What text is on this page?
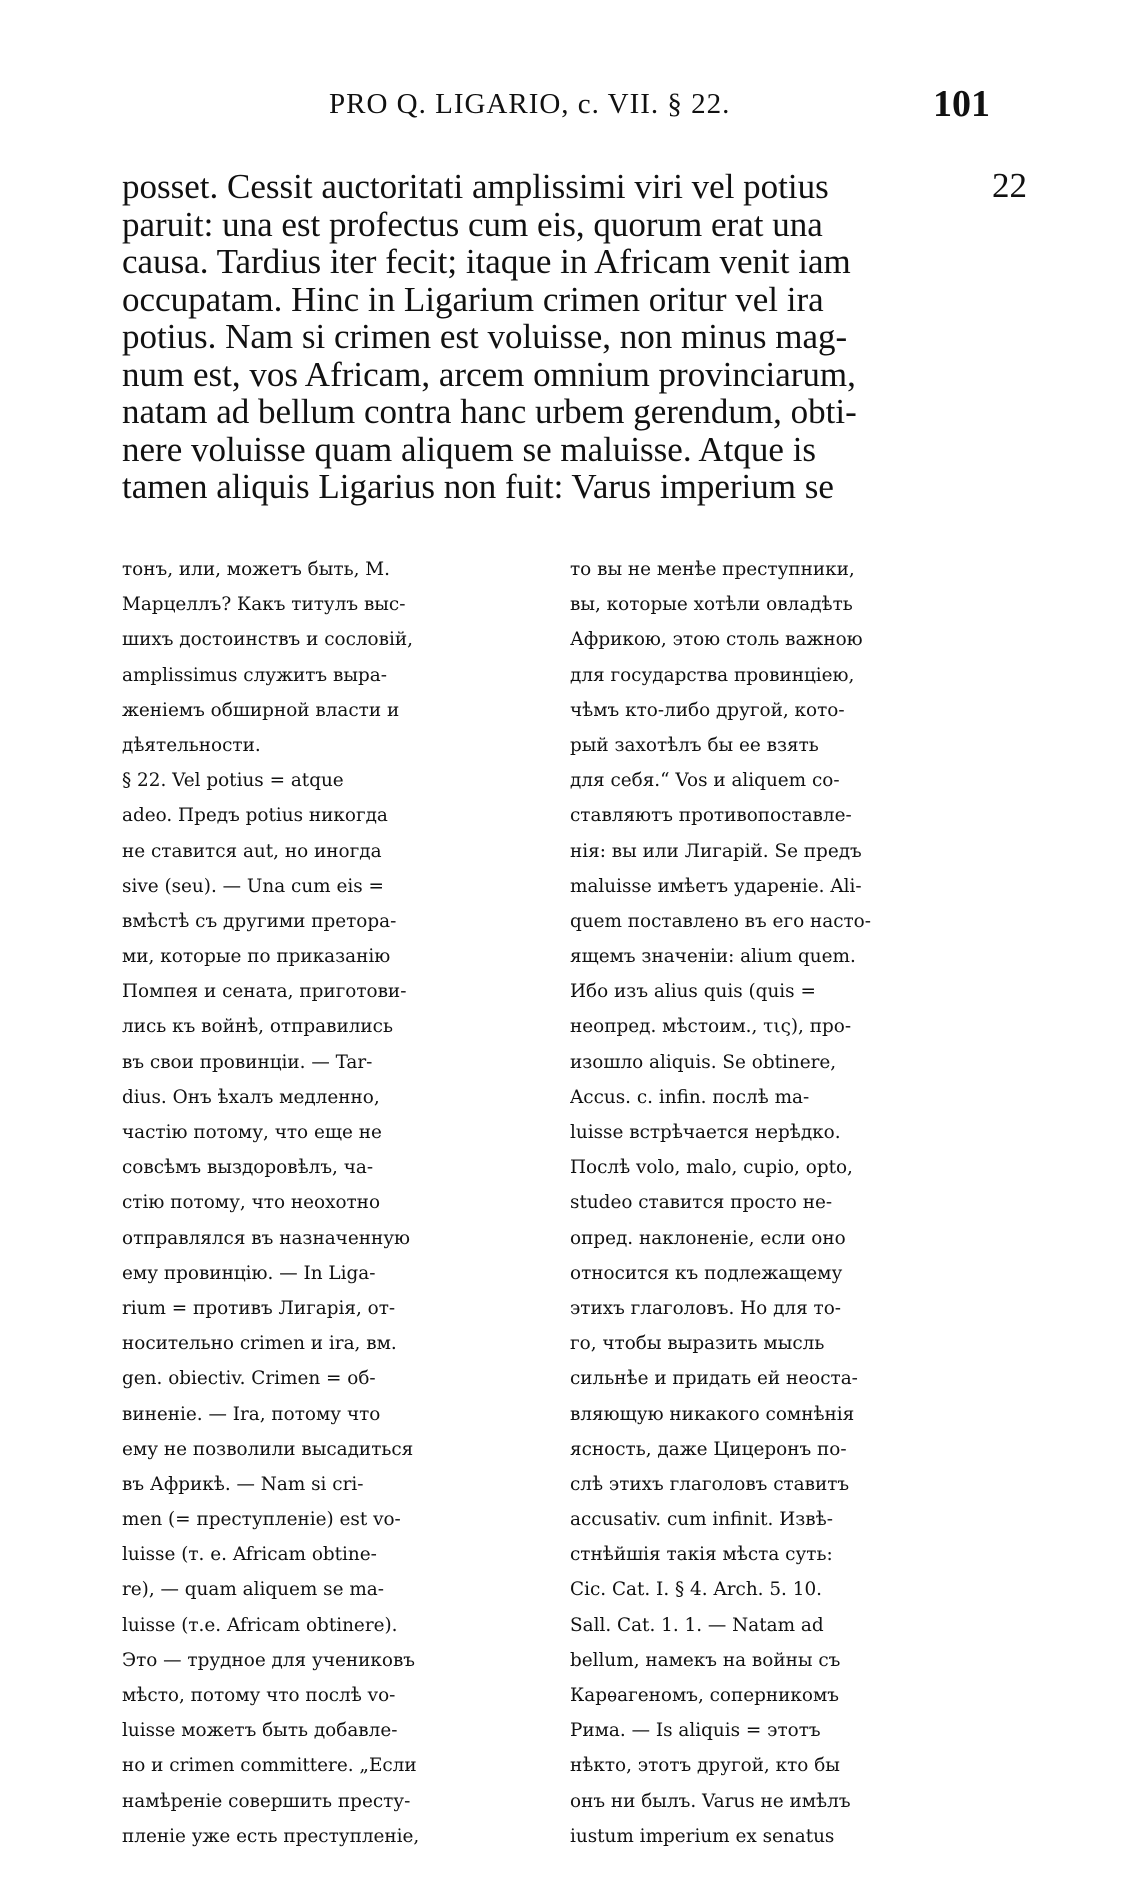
PRO Q. LIGARIO, c. VII. § 22.	101
posset. Cessit auctoritati amplissimi viri vel potius
paruit: una est profectus cum eis, quorum erat una
causa. Tardius iter fecit; itaque in Africam venit iam
occupatam. Hinc in Ligarium crimen oritur vel ira
potius. Nam si crimen est voluisse, non minus mag-
num est, vos Africam, arcem omnium provinciarum,
natam ad bellum contra hanc urbem gerendum, obti-
nere voluisse quam aliquem se maluisse. Atque is
tamen aliquis Ligarius non fuit: Varus imperium se
22
тонъ, или, можетъ быть, М.
Марцеллъ? Какъ титулъ выс-
шихъ достоинствъ и сословій,
amplissimus служитъ выра-
женіемъ обширной власти и
дѣятельности.
§ 22. Vel potius = atque
adeo. Предъ potius никогда
не ставится aut, но иногда
sive (seu). — Una cum eis =
вмѣстѣ съ другими претора-
ми, которые по приказанію
Помпея и сената, приготови-
лись къ войнѣ, отправились
въ свои провинціи. — Tar-
dius. Онъ ѣхалъ медленно,
частію потому, что еще не
совсѣмъ выздоровѣлъ, ча-
стію потому, что неохотно
отправлялся въ назначенную
ему провинцію. — In Liga-
rium = противъ Лигарія, от-
носительно crimen и ira, вм.
gen. obiectiv. Crimen = об-
виненіе. — Ira, потому что
ему не позволили высадиться
въ Африкѣ. — Nam si cri-
men (= преступленіе) est vo-
luisse (т. е. Africam obtine-
re), — quam aliquem se ma-
luisse (т.е. Africam obtinere).
Это — трудное для учениковъ
мѣсто, потому что послѣ vo-
luisse можетъ быть добавле-
но и crimen committere. „Если
намѣреніе совершить престу-
пленіе уже есть преступленіе,
то вы не менѣе преступники,
вы, которые хотѣли овладѣть
Африкою, этою столь важною
для государства провинціею,
чѣмъ кто-либо другой, кото-
рый захотѣлъ бы ее взять
для себя.“ Vos и aliquem со-
ставляютъ противопоставле-
нія: вы или Лигарій. Se предъ
maluisse имѣетъ удареніе. Ali-
quem поставлено въ его насто-
ящемъ значеніи: alium quem.
Ибо изъ alius quis (quis =
неопред. мѣстоим., τις), про-
изошло aliquis. Se obtinere,
Accus. c. infin. послѣ ma-
luisse встрѣчается нерѣдко.
Послѣ volo, malo, cupio, opto,
studeo ставится просто не-
опред. наклоненіе, если оно
относится къ подлежащему
этихъ глаголовъ. Но для то-
го, чтобы выразить мысль
сильнѣе и придать ей неоста-
вляющую никакого сомнѣнія
ясность, даже Цицеронъ по-
слѣ этихъ глаголовъ ставитъ
accusativ. cum infinit. Извѣ-
стнѣйшія такія мѣста суть:
Cic. Cat. I. § 4. Arch. 5. 10.
Sall. Cat. 1. 1. — Natam ad
bellum, намекъ на войны съ
Карѳагеномъ, соперникомъ
Рима. — Is aliquis = этотъ
нѣкто, этотъ другой, кто бы
онъ ни былъ. Varus не имѣлъ
iustum imperium ex senatus
